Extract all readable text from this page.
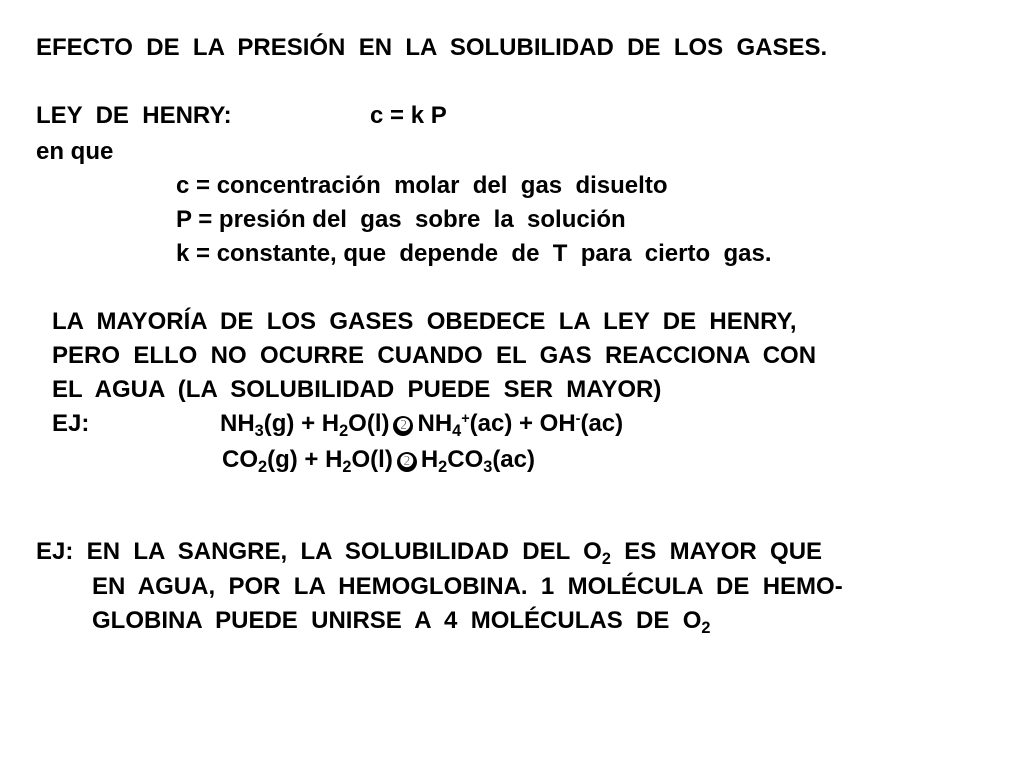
EFECTO  DE  LA  PRESIÓN  EN  LA  SOLUBILIDAD  DE  LOS  GASES.
LEY  DE  HENRY:	c = k P
en que
c = concentración  molar  del  gas  disuelto
P = presión del  gas  sobre  la  solución
k = constante, que  depende  de  T  para  cierto  gas.
LA  MAYORÍA  DE  LOS  GASES  OBEDECE  LA  LEY  DE  HENRY,
PERO  ELLO  NO  OCURRE  CUANDO  EL  GAS  REACCIONA  CON
EL  AGUA  (LA  SOLUBILIDAD  PUEDE  SER  MAYOR)
EJ:	$NH_3(g) + H_2O(l)$ ➋ $NH_4^+(ac) + OH^-(ac)$
$CO_2(g) + H_2O(l)$ ➋ $H_2CO_3(ac)$
EJ:  EN  LA  SANGRE,  LA  SOLUBILIDAD  DEL  $O_2$  ES  MAYOR  QUE
EN  AGUA,  POR  LA  HEMOGLOBINA.  1  MOLÉCULA  DE  HEMO-
GLOBINA  PUEDE  UNIRSE  A  4  MOLÉCULAS  DE  $O_2$
